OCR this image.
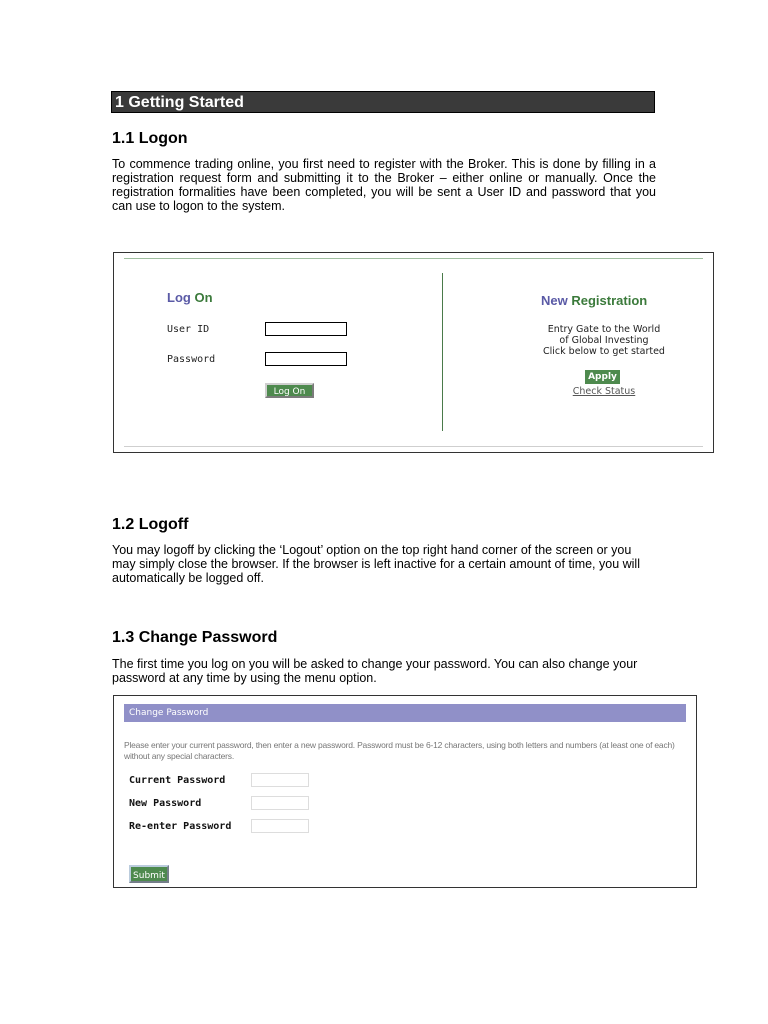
1 Getting Started
1.1 Logon

To commence trading online, you first need to register with the Broker. This is done by filling in a registration request form and submitting it to the Broker – either online or manually. Once the registration formalities have been completed, you will be sent a User ID and password that you can use to logon to the system.

Log On
User ID
Password
Log On
New Registration
Entry Gate to the World
of Global Investing
Click below to get started
Apply
Check Status
1.2 Logoff

You may logoff by clicking the ‘Logout’ option on the top right hand corner of the screen or you may simply close the browser. If the browser is left inactive for a certain amount of time, you will automatically be logged off.

1.3 Change Password

The first time you log on you will be asked to change your password. You can also change your password at any time by using the menu option.

Change Password
Please enter your current password, then enter a new password. Password must be 6-12 characters, using both letters and numbers (at least one of each) without any special characters.
Current Password
New Password
Re-enter Password
Submit
